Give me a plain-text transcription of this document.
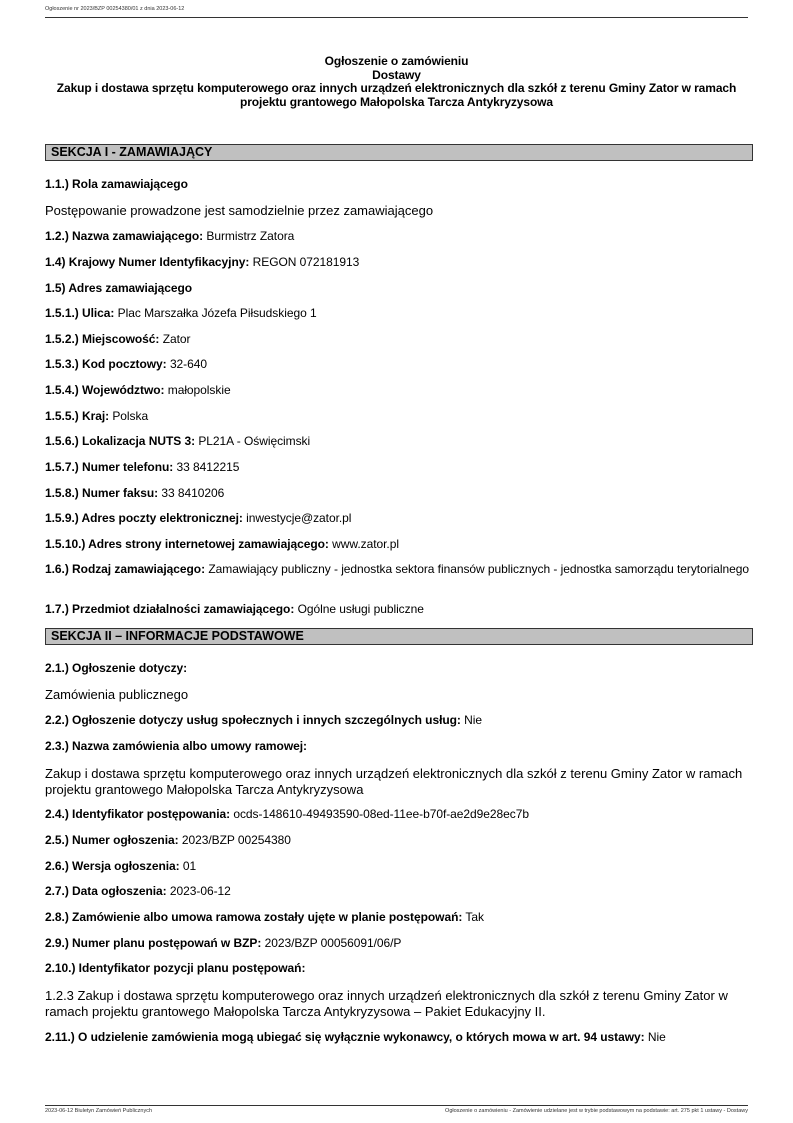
Ogłoszenie nr 2023/BZP 00254380/01 z dnia 2023-06-12
Ogłoszenie o zamówieniu
Dostawy
Zakup i dostawa sprzętu komputerowego oraz innych urządzeń elektronicznych dla szkół z terenu Gminy Zator w ramach projektu grantowego Małopolska Tarcza Antykryzysowa
SEKCJA I - ZAMAWIAJĄCY
1.1.) Rola zamawiającego
Postępowanie prowadzone jest samodzielnie przez zamawiającego
1.2.) Nazwa zamawiającego: Burmistrz Zatora
1.4) Krajowy Numer Identyfikacyjny: REGON 072181913
1.5) Adres zamawiającego
1.5.1.) Ulica: Plac Marszałka Józefa Piłsudskiego 1
1.5.2.) Miejscowość: Zator
1.5.3.) Kod pocztowy: 32-640
1.5.4.) Województwo: małopolskie
1.5.5.) Kraj: Polska
1.5.6.) Lokalizacja NUTS 3: PL21A - Oświęcimski
1.5.7.) Numer telefonu: 33 8412215
1.5.8.) Numer faksu: 33 8410206
1.5.9.) Adres poczty elektronicznej: inwestycje@zator.pl
1.5.10.) Adres strony internetowej zamawiającego: www.zator.pl
1.6.) Rodzaj zamawiającego: Zamawiający publiczny - jednostka sektora finansów publicznych - jednostka samorządu terytorialnego
1.7.) Przedmiot działalności zamawiającego: Ogólne usługi publiczne
SEKCJA II – INFORMACJE PODSTAWOWE
2.1.) Ogłoszenie dotyczy:
Zamówienia publicznego
2.2.) Ogłoszenie dotyczy usług społecznych i innych szczególnych usług: Nie
2.3.) Nazwa zamówienia albo umowy ramowej:
Zakup i dostawa sprzętu komputerowego oraz innych urządzeń elektronicznych dla szkół z terenu Gminy Zator w ramach projektu grantowego Małopolska Tarcza Antykryzysowa
2.4.) Identyfikator postępowania: ocds-148610-49493590-08ed-11ee-b70f-ae2d9e28ec7b
2.5.) Numer ogłoszenia: 2023/BZP 00254380
2.6.) Wersja ogłoszenia: 01
2.7.) Data ogłoszenia: 2023-06-12
2.8.) Zamówienie albo umowa ramowa zostały ujęte w planie postępowań: Tak
2.9.) Numer planu postępowań w BZP: 2023/BZP 00056091/06/P
2.10.) Identyfikator pozycji planu postępowań:
1.2.3 Zakup i dostawa sprzętu komputerowego oraz innych urządzeń elektronicznych dla szkół z terenu Gminy Zator w ramach projektu grantowego Małopolska Tarcza Antykryzysowa – Pakiet Edukacyjny II.
2.11.) O udzielenie zamówienia mogą ubiegać się wyłącznie wykonawcy, o których mowa w art. 94 ustawy: Nie
2023-06-12 Biuletyn Zamówień Publicznych	Ogłoszenie o zamówieniu - Zamówienie udzielane jest w trybie podstawowym na podstawie: art. 275 pkt 1 ustawy - Dostawy
